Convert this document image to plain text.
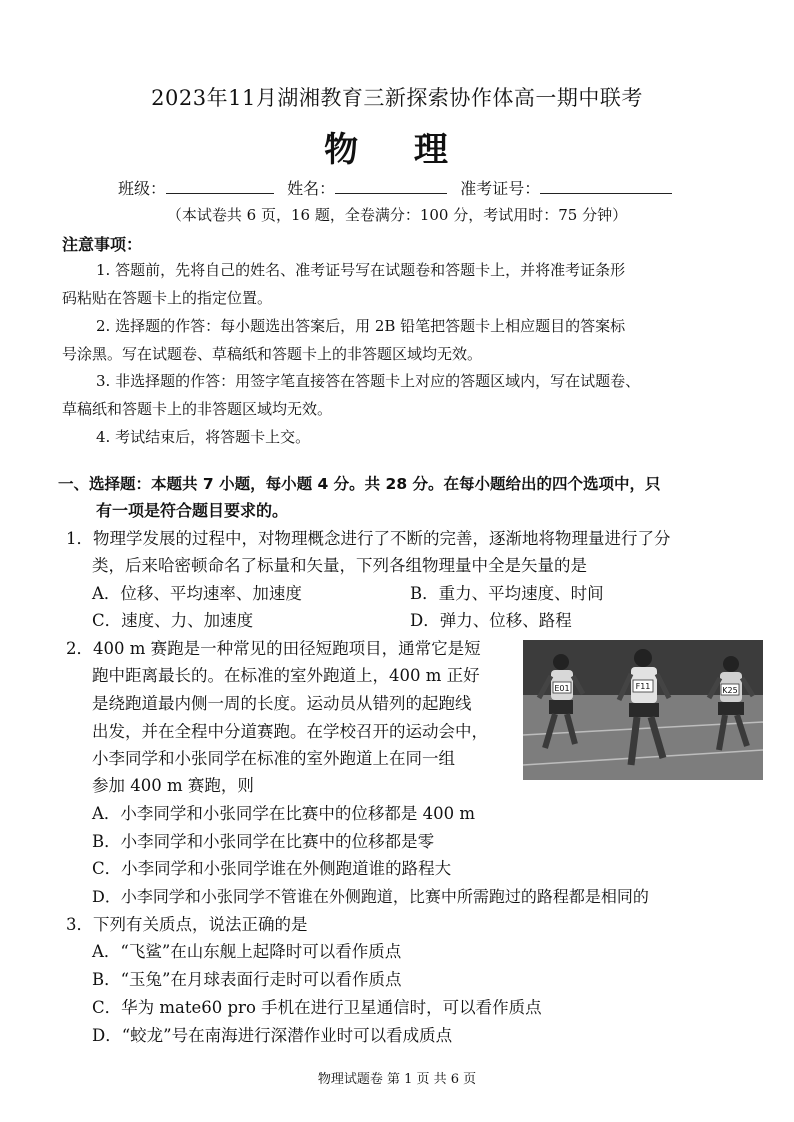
2023年11月湖湘教育三新探索协作体高一期中联考
物 理
班级：	姓名：	准考证号：
（本试卷共 6 页，16 题，全卷满分：100 分，考试用时：75 分钟）
注意事项：
1. 答题前，先将自己的姓名、准考证号写在试题卷和答题卡上，并将准考证条形
码粘贴在答题卡上的指定位置。
2. 选择题的作答：每小题选出答案后，用 2B 铅笔把答题卡上相应题目的答案标
号涂黑。写在试题卷、草稿纸和答题卡上的非答题区域均无效。
3. 非选择题的作答：用签字笔直接答在答题卡上对应的答题区域内，写在试题卷、
草稿纸和答题卡上的非答题区域均无效。
4. 考试结束后，将答题卡上交。
一、选择题：本题共 7 小题，每小题 4 分。共 28 分。在每小题给出的四个选项中，只
有一项是符合题目要求的。
1．物理学发展的过程中，对物理概念进行了不断的完善，逐渐地将物理量进行了分
类，后来哈密顿命名了标量和矢量，下列各组物理量中全是矢量的是
A．位移、平均速率、加速度	B．重力、平均速度、时间
C．速度、力、加速度	D．弹力、位移、路程
2．400 m 赛跑是一种常见的田径短跑项目，通常它是短
跑中距离最长的。在标准的室外跑道上，400 m 正好
是绕跑道最内侧一周的长度。运动员从错列的起跑线
出发，并在全程中分道赛跑。在学校召开的运动会中，
小李同学和小张同学在标准的室外跑道上在同一组
参加 400 m 赛跑，则
E01	F11	K25
A．小李同学和小张同学在比赛中的位移都是 400 m
B．小李同学和小张同学在比赛中的位移都是零
C．小李同学和小张同学谁在外侧跑道谁的路程大
D．小李同学和小张同学不管谁在外侧跑道，比赛中所需跑过的路程都是相同的
3．下列有关质点，说法正确的是
A．“飞鲨”在山东舰上起降时可以看作质点
B．“玉兔”在月球表面行走时可以看作质点
C．华为 mate60 pro 手机在进行卫星通信时，可以看作质点
D．“蛟龙”号在南海进行深潜作业时可以看成质点
物理试题卷 第 1 页 共 6 页
